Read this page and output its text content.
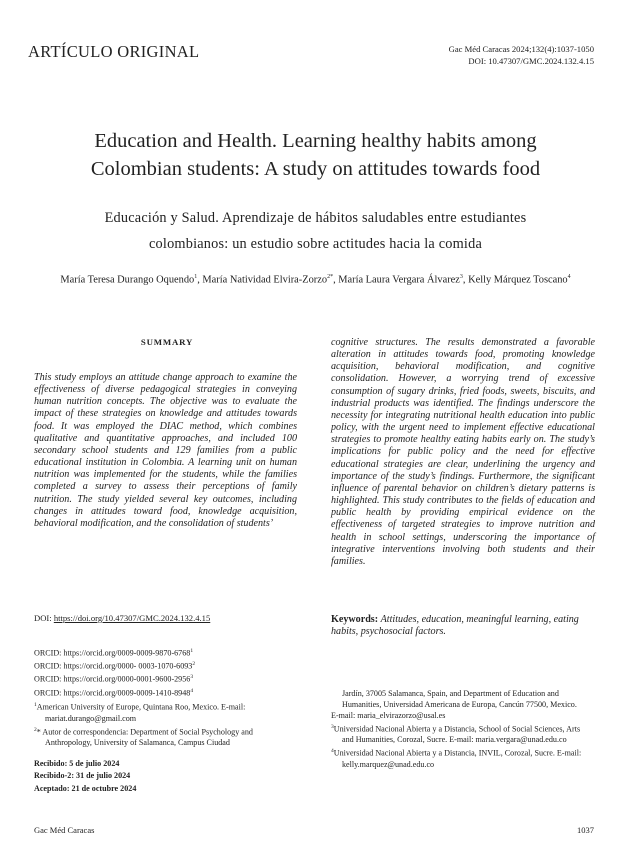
ARTÍCULO ORIGINAL	Gac Méd Caracas 2024;132(4):1037-1050
DOI: 10.47307/GMC.2024.132.4.15
Education and Health. Learning healthy habits among
Colombian students: A study on attitudes towards food
Educación y Salud. Aprendizaje de hábitos saludables entre estudiantes
colombianos: un estudio sobre actitudes hacia la comida
María Teresa Durango Oquendo$^1$, María Natividad Elvira-Zorzo$^{2*}$, María Laura Vergara Álvarez$^3$, Kelly Márquez Toscano$^4$
SUMMARY
This study employs an attitude change approach to examine the effectiveness of diverse pedagogical strategies in conveying human nutrition concepts. The objective was to evaluate the impact of these strategies on knowledge and attitudes towards food. It was employed the DIAC method, which combines qualitative and quantitative approaches, and included 100 secondary school students and 129 families from a public educational institution in Colombia. A learning unit on human nutrition was implemented for the students, while the families completed a survey to assess their perceptions of family nutrition. The study yielded several key outcomes, including changes in attitudes toward food, knowledge acquisition, behavioral modification, and the consolidation of students’
cognitive structures. The results demonstrated a favorable alteration in attitudes towards food, promoting knowledge acquisition, behavioral modification, and cognitive consolidation. However, a worrying trend of excessive consumption of sugary drinks, fried foods, sweets, biscuits, and industrial products was identified. The findings underscore the necessity for integrating nutritional health education into public policy, with the urgent need to implement effective educational strategies to promote healthy eating habits early on. The study’s implications for public policy and the need for effective educational strategies are clear, underlining the urgency and importance of the study’s findings. Furthermore, the significant influence of parental behavior on children’s dietary patterns is highlighted. This study contributes to the fields of education and public health by providing empirical evidence on the effectiveness of targeted strategies to improve nutrition and health in school settings, underscoring the importance of integrative interventions involving both students and their families.
Keywords: Attitudes, education, meaningful learning, eating habits, psychosocial factors.
DOI: https://doi.org/10.47307/GMC.2024.132.4.15
ORCID: https://orcid.org/0009-0009-9870-6768$^1$
ORCID: https://orcid.org/0000- 0003-1070-6093$^2$
ORCID: https://orcid.org/0000-0001-9600-2956$^3$
ORCID: https://orcid.org/0009-0009-1410-8948$^4$

$^1$American University of Europe, Quintana Roo, Mexico. E-mail: mariat.durango@gmail.com

$^2$* Autor de correspondencia: Department of Social Psychology and Anthropology, University of Salamanca, Campus Ciudad

Jardín, 37005 Salamanca, Spain, and Department of Education and Humanities, Universidad Americana de Europa, Cancún 77500, Mexico.

E-mail: maria_elvirazorzo@usal.es

$^3$Universidad Nacional Abierta y a Distancia, School of Social Sciences, Arts and Humanities, Corozal, Sucre. E-mail: maria.vergara@unad.edu.co

$^4$Universidad Nacional Abierta y a Distancia, INVIL, Corozal, Sucre. E-mail: kelly.marquez@unad.edu.co

Recibido: 5 de julio 2024
Recibido-2: 31 de julio 2024
Aceptado: 21 de octubre 2024
Gac Méd Caracas	1037
